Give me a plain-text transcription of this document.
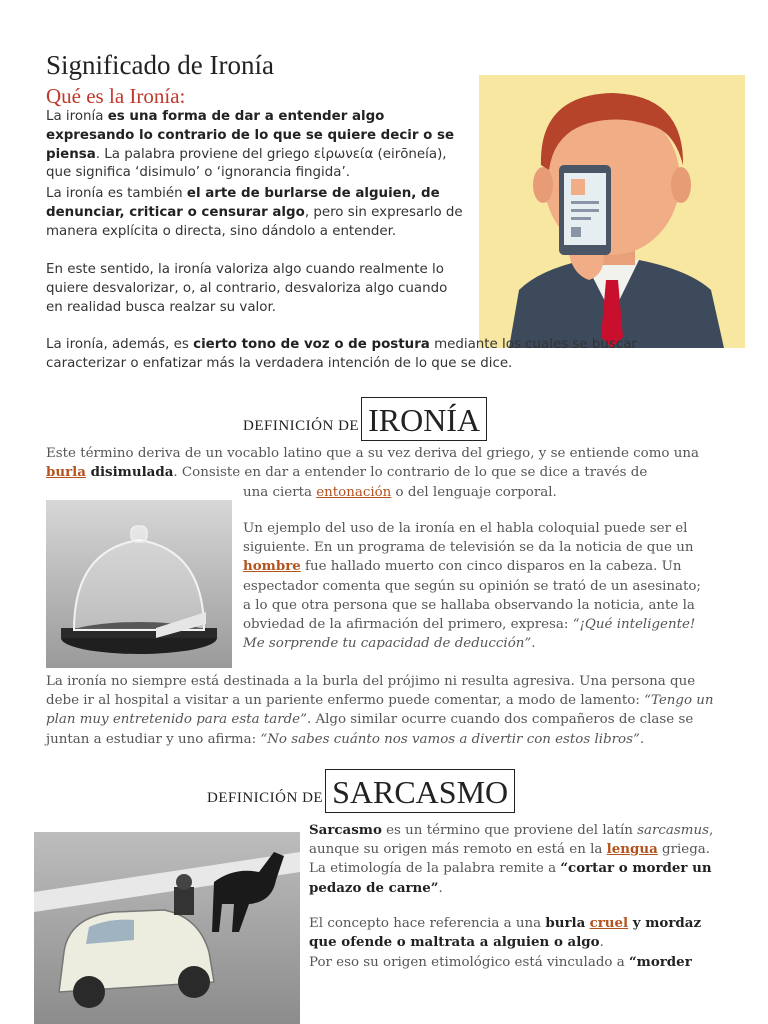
Significado de Ironía
Qué es la Ironía:

La ironía es una forma de dar a entender algo expresando lo contrario de lo que se quiere decir o se piensa. La palabra proviene del griego εἰρωνεία (eirōneía), que significa ‘disimulo’ o ‘ignorancia fingida’.

La ironía es también el arte de burlarse de alguien, de denunciar, criticar o censurar algo, pero sin expresarlo de manera explícita o directa, sino dándolo a entender.

En este sentido, la ironía valoriza algo cuando realmente lo quiere desvalorizar, o, al contrario, desvaloriza algo cuando en realidad busca realzar su valor.

La ironía, además, es cierto tono de voz o de postura mediante los cuales se buscar caracterizar o enfatizar más la verdadera intención de lo que se dice.

DEFINICIÓN DE IRONÍA

Este término deriva de un vocablo latino que a su vez deriva del griego, y se entiende como una burla disimulada. Consiste en dar a entender lo contrario de lo que se dice a través de

una cierta entonación o del lenguaje corporal.

Un ejemplo del uso de la ironía en el habla coloquial puede ser el siguiente. En un programa de televisión se da la noticia de que un hombre fue hallado muerto con cinco disparos en la cabeza. Un espectador comenta que según su opinión se trató de un asesinato; a lo que otra persona que se hallaba observando la noticia, ante la obviedad de la afirmación del primero, expresa: “¡Qué inteligente! Me sorprende tu capacidad de deducción”.

La ironía no siempre está destinada a la burla del prójimo ni resulta agresiva. Una persona que debe ir al hospital a visitar a un pariente enfermo puede comentar, a modo de lamento: “Tengo un plan muy entretenido para esta tarde”. Algo similar ocurre cuando dos compañeros de clase se juntan a estudiar y uno afirma: “No sabes cuánto nos vamos a divertir con estos libros”.

DEFINICIÓN DE SARCASMO

Sarcasmo es un término que proviene del latín sarcasmus, aunque su origen más remoto en está en la lengua griega. La etimología de la palabra remite a “cortar o morder un pedazo de carne”.

El concepto hace referencia a una burla cruel y mordaz que ofende o maltrata a alguien o algo.

Por eso su origen etimológico está vinculado a “morder
